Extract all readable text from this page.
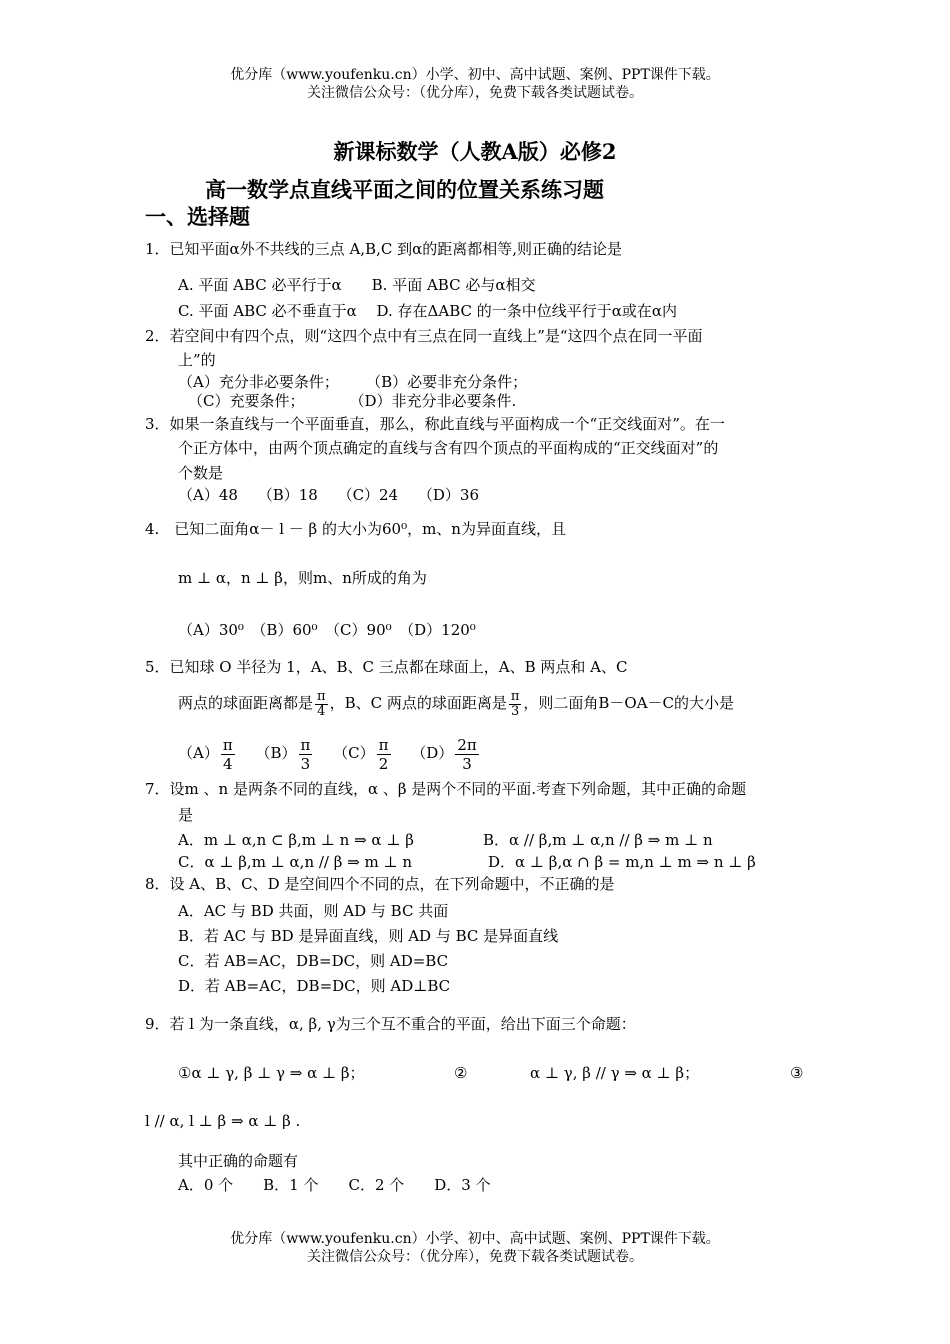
优分库（www.youfenku.cn）小学、初中、高中试题、案例、PPT课件下载。
关注微信公众号：（优分库），免费下载各类试题试卷。
新课标数学（人教A版）必修2
高一数学点直线平面之间的位置关系练习题
一、选择题
1．已知平面α外不共线的三点 A,B,C 到α的距离都相等,则正确的结论是
A. 平面 ABC 必平行于α　　B. 平面 ABC 必与α相交
C. 平面 ABC 必不垂直于α　 D. 存在ΔABC 的一条中位线平行于α或在α内
2．若空间中有四个点，则“这四个点中有三点在同一直线上”是“这四个点在同一平面
上”的
（A）充分非必要条件；　　 （B）必要非充分条件；
（C）充要条件；　　　　（D）非充分非必要条件.
3．如果一条直线与一个平面垂直，那么，称此直线与平面构成一个“正交线面对”。在一
个正方体中，由两个顶点确定的直线与含有四个顶点的平面构成的“正交线面对”的
个数是
（A）48　 （B）18　 （C）24　 （D）36
4.　已知二面角α－ l － β 的大小为60⁰，m、n为异面直线，且
m ⊥ α，n ⊥ β，则m、n所成的角为
（A）30⁰　（B）60⁰　（C）90⁰　（D）120⁰
5．已知球 O 半径为 1，A、B、C 三点都在球面上，A、B 两点和 A、C
两点的球面距离都是 $\frac{\pi}{4}$ ，B、C 两点的球面距离是 $\frac{\pi}{3}$ ，则二面角B－OA－C的大小是
$(A) \frac{\pi}{4} (B) \frac{\pi}{3} (C) \frac{\pi}{2} (D) \frac{2\pi}{3}$
7．设m 、n 是两条不同的直线，α 、β 是两个不同的平面.考查下列命题，其中正确的命题
是
A．m ⊥ α,n ⊂ β,m ⊥ n ⇒ α ⊥ β	B．α // β,m ⊥ α,n // β ⇒ m ⊥ n
C．α ⊥ β,m ⊥ α,n // β ⇒ m ⊥ n	D．α ⊥ β,α ∩ β = m,n ⊥ m ⇒ n ⊥ β
8．设 A、B、C、D 是空间四个不同的点，在下列命题中，不正确的是
A．AC 与 BD 共面，则 AD 与 BC 共面
B．若 AC 与 BD 是异面直线，则 AD 与 BC 是异面直线
C．若 AB=AC，DB=DC，则 AD=BC
D．若 AB=AC，DB=DC，则 AD⊥BC
9．若 l 为一条直线，α, β, γ为三个互不重合的平面，给出下面三个命题：
①α ⊥ γ, β ⊥ γ ⇒ α ⊥ β；	②	α ⊥ γ, β // γ ⇒ α ⊥ β；	③
l // α, l ⊥ β ⇒ α ⊥ β .
其中正确的命题有
A．0 个　　B．1 个　　C．2 个　　D．3 个
优分库（www.youfenku.cn）小学、初中、高中试题、案例、PPT课件下载。
关注微信公众号：（优分库），免费下载各类试题试卷。
